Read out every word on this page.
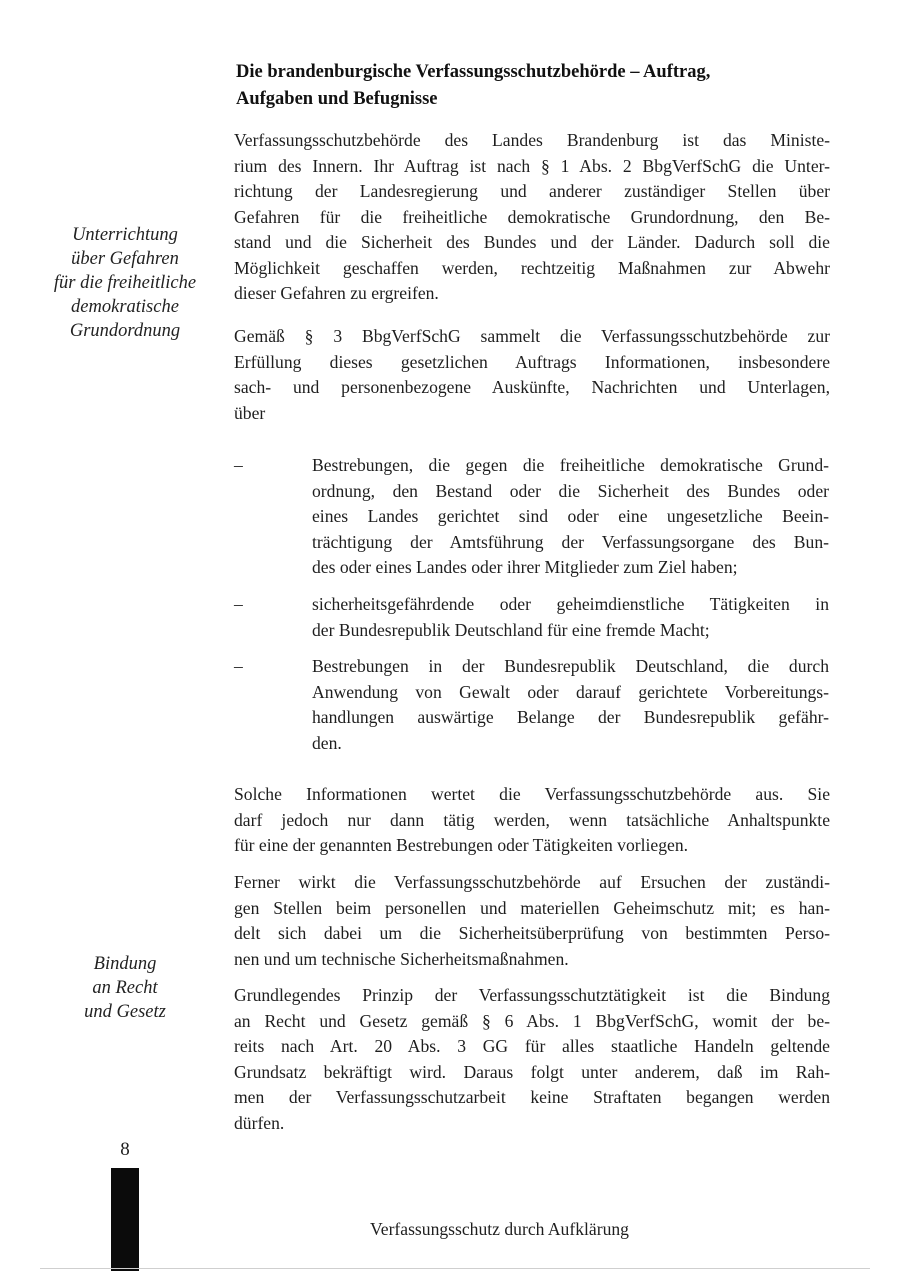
Unterrichtung
über Gefahren
für die freiheitliche
demokratische
Grundordnung
Bindung
an Recht
und Gesetz
Die brandenburgische Verfassungsschutzbehörde – Auftrag,
Aufgaben und Befugnisse
Verfassungsschutzbehörde des Landes Brandenburg ist das Ministe-
rium des Innern. Ihr Auftrag ist nach § 1 Abs. 2 BbgVerfSchG die Unter-
richtung der Landesregierung und anderer zuständiger Stellen über
Gefahren für die freiheitliche demokratische Grundordnung, den Be-
stand und die Sicherheit des Bundes und der Länder. Dadurch soll die
Möglichkeit geschaffen werden, rechtzeitig Maßnahmen zur Abwehr
dieser Gefahren zu ergreifen.
Gemäß § 3 BbgVerfSchG sammelt die Verfassungsschutzbehörde zur
Erfüllung dieses gesetzlichen Auftrags Informationen, insbesondere
sach- und personenbezogene Auskünfte, Nachrichten und Unterlagen,
über
–	Bestrebungen, die gegen die freiheitliche demokratische Grund-
ordnung, den Bestand oder die Sicherheit des Bundes oder
eines Landes gerichtet sind oder eine ungesetzliche Beein-
trächtigung der Amtsführung der Verfassungsorgane des Bun-
des oder eines Landes oder ihrer Mitglieder zum Ziel haben;
–	sicherheitsgefährdende oder geheimdienstliche Tätigkeiten in
der Bundesrepublik Deutschland für eine fremde Macht;
–	Bestrebungen in der Bundesrepublik Deutschland, die durch
Anwendung von Gewalt oder darauf gerichtete Vorbereitungs-
handlungen auswärtige Belange der Bundesrepublik gefähr-
den.
Solche Informationen wertet die Verfassungsschutzbehörde aus. Sie
darf jedoch nur dann tätig werden, wenn tatsächliche Anhaltspunkte
für eine der genannten Bestrebungen oder Tätigkeiten vorliegen.
Ferner wirkt die Verfassungsschutzbehörde auf Ersuchen der zuständi-
gen Stellen beim personellen und materiellen Geheimschutz mit; es han-
delt sich dabei um die Sicherheitsüberprüfung von bestimmten Perso-
nen und um technische Sicherheitsmaßnahmen.
Grundlegendes Prinzip der Verfassungsschutztätigkeit ist die Bindung
an Recht und Gesetz gemäß § 6 Abs. 1 BbgVerfSchG, womit der be-
reits nach Art. 20 Abs. 3 GG für alles staatliche Handeln geltende
Grundsatz bekräftigt wird. Daraus folgt unter anderem, daß im Rah-
men der Verfassungsschutzarbeit keine Straftaten begangen werden
dürfen.
8
Verfassungsschutz durch Aufklärung
